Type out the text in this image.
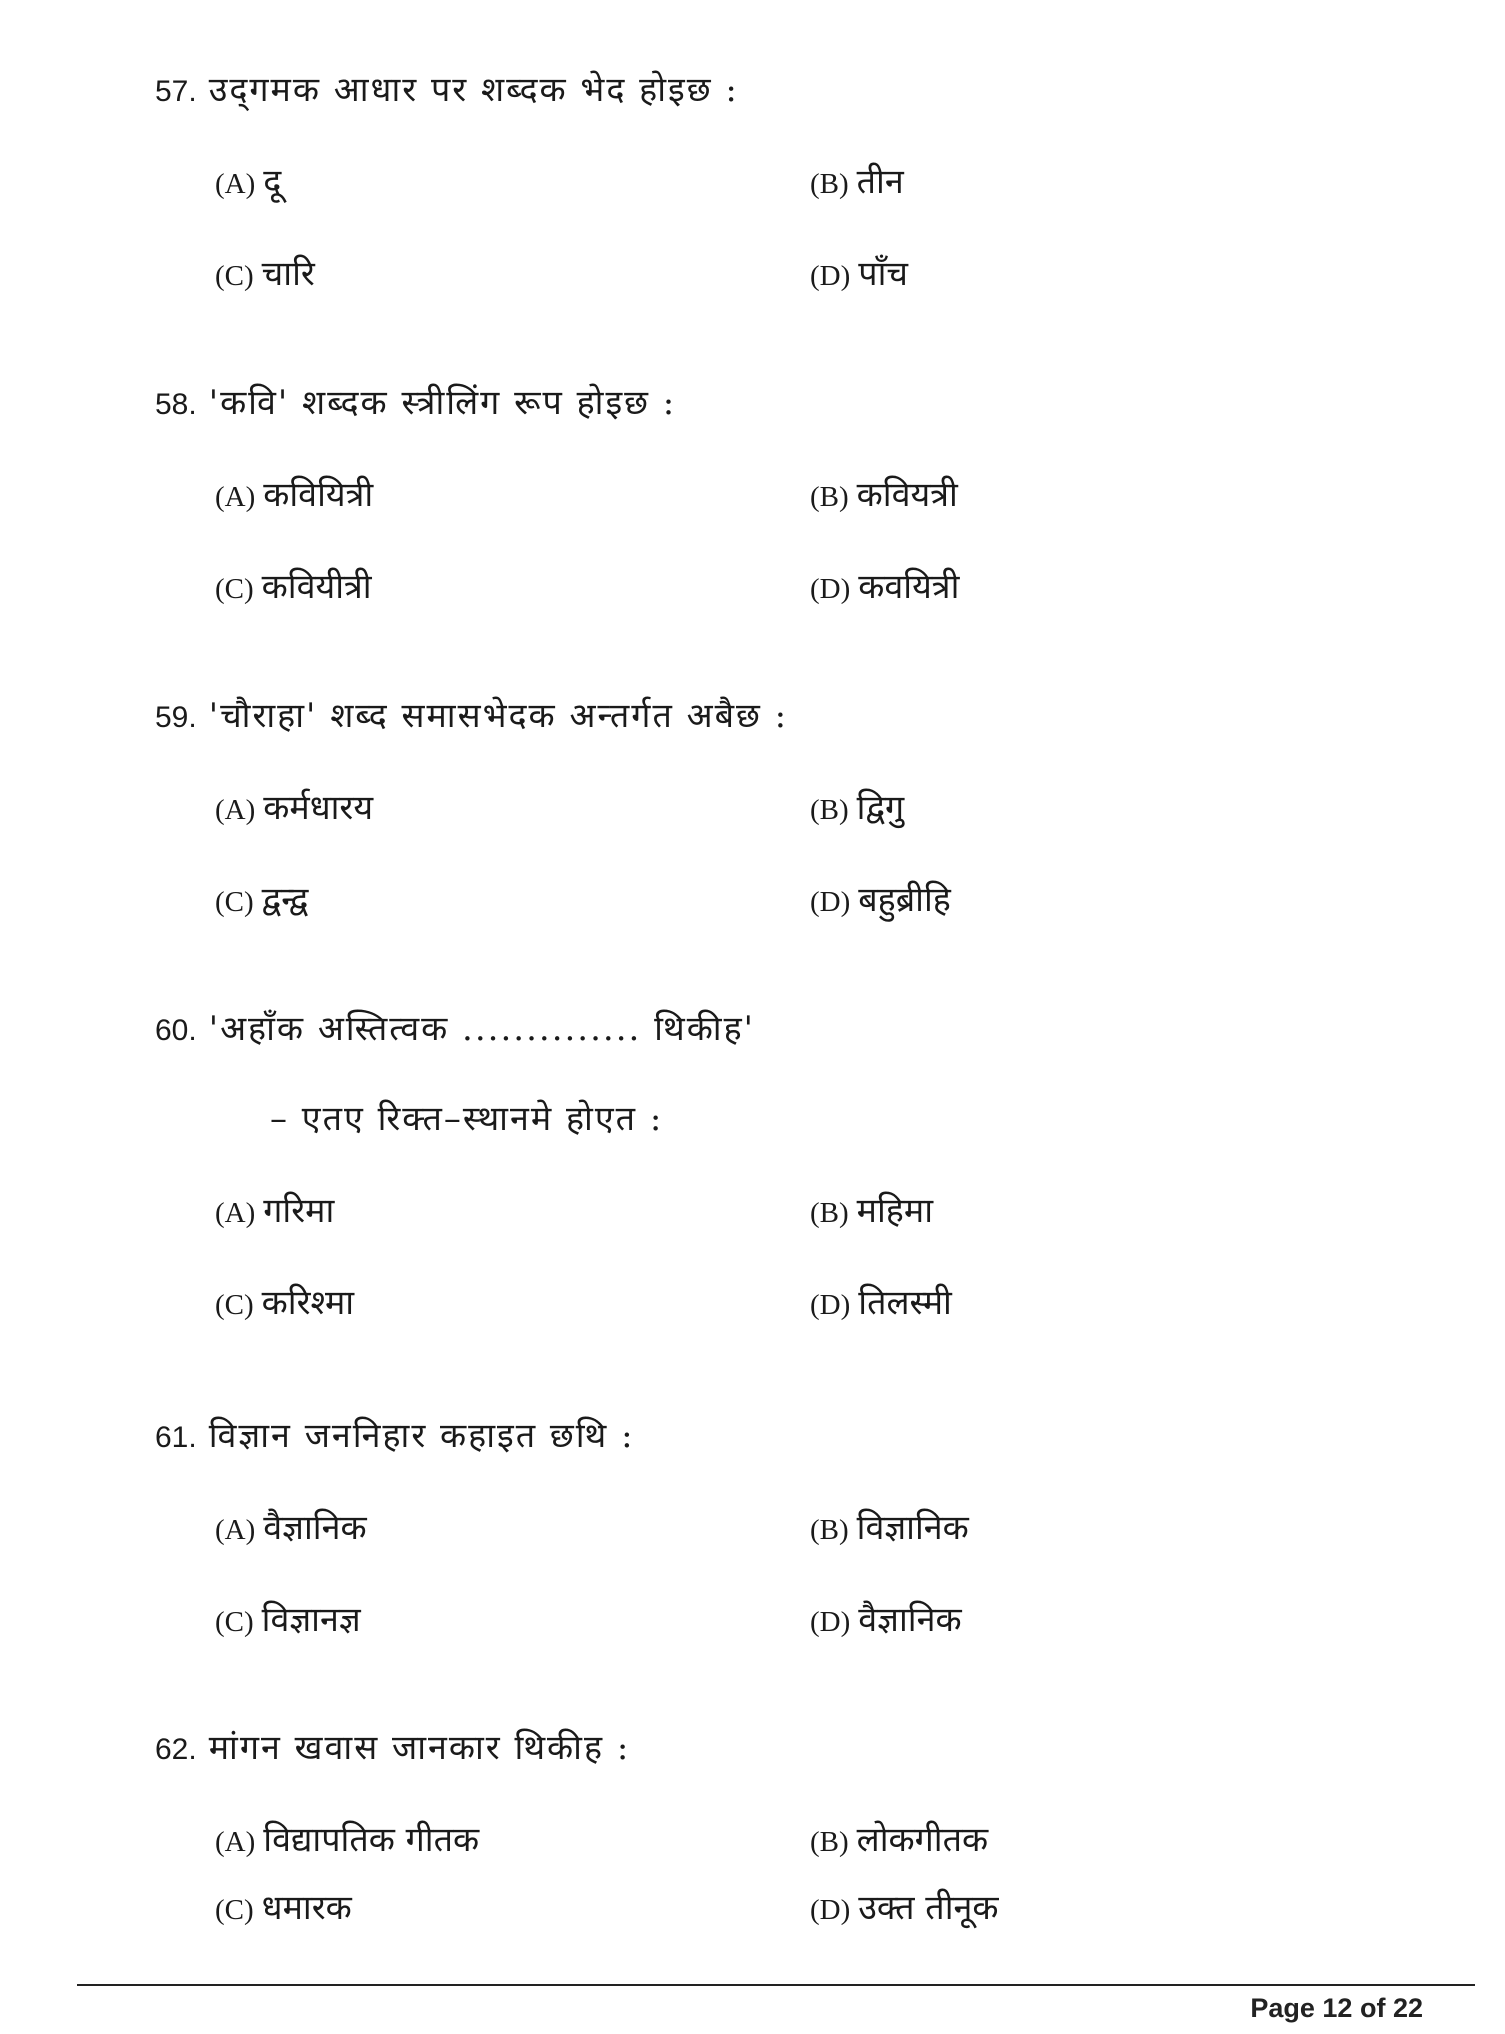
57. उद्‌गमक आधार पर शब्दक भेद होइछ :
(A) दू	(B) तीन
(C) चारि	(D) पाँच
58. 'कवि' शब्दक स्त्रीलिंग रूप होइछ :
(A) कवियित्री	(B) कवियत्री
(C) कवियीत्री	(D) कवयित्री
59. 'चौराहा' शब्द समासभेदक अन्तर्गत अबैछ :
(A) कर्मधारय	(B) द्विगु
(C) द्वन्द्व	(D) बहुब्रीहि
60. 'अहाँक अस्तित्वक .............. थिकीह'
– एतए रिक्त–स्थानमे होएत :
(A) गरिमा	(B) महिमा
(C) करिश्मा	(D) तिलस्मी
61. विज्ञान जननिहार कहाइत छथि :
(A) वैज्ञानिक	(B) विज्ञानिक
(C) विज्ञानज्ञ	(D) वैज्ञानिक
62. मांगन खवास जानकार थिकीह :
(A) विद्यापतिक गीतक	(B) लोकगीतक
(C) धमारक	(D) उक्त तीनूक
Page 12 of 22
